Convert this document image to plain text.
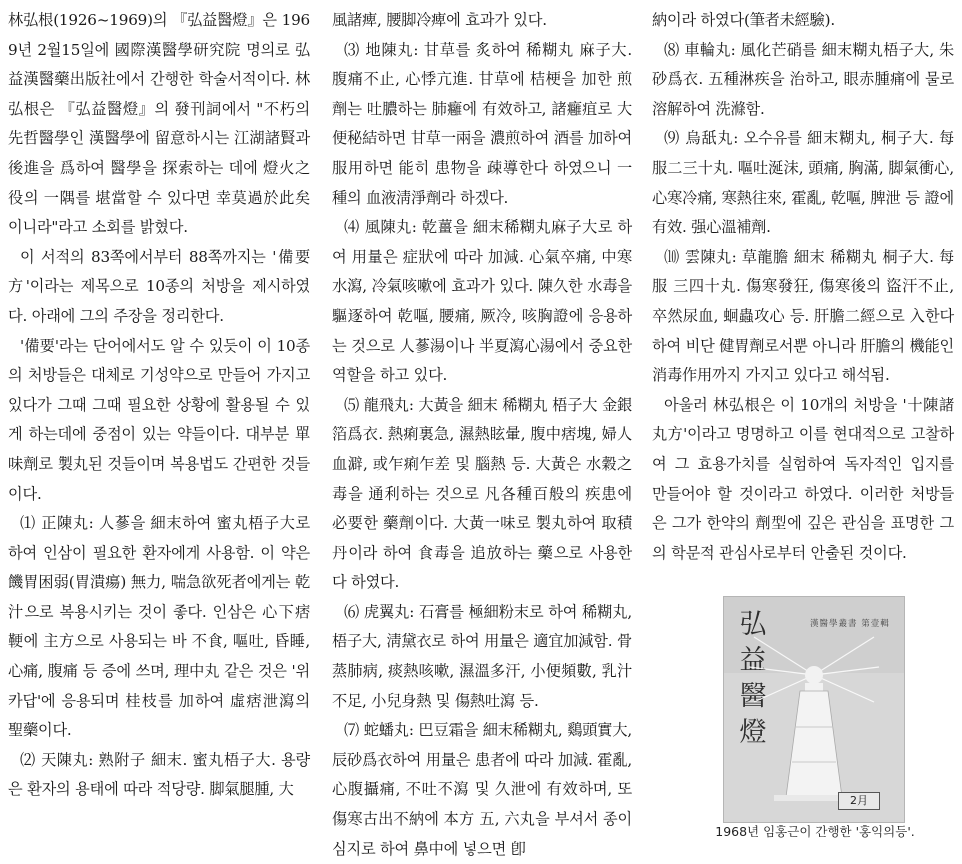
林弘根(1926~1969)의 『弘益醫燈』은 1969년 2월15일에 國際漢醫學研究院 명의로 弘益漢醫藥出版社에서 간행한 학술서적이다. 林弘根은 『弘益醫燈』의 發刊詞에서 "不朽의 先哲醫學인 漢醫學에 留意하시는 江湖諸賢과 後進을 爲하여 醫學을 探索하는 데에 燈火之役의 一隅를 堪當할 수 있다면 幸莫過於此矣이니라"라고 소회를 밝혔다.

이 서적의 83쪽에서부터 88쪽까지는 '備要方'이라는 제목으로 10종의 처방을 제시하였다. 아래에 그의 주장을 정리한다.

'備要'라는 단어에서도 알 수 있듯이 이 10종의 처방들은 대체로 기성약으로 만들어 가지고 있다가 그때 그때 필요한 상황에 활용될 수 있게 하는데에 중점이 있는 약들이다. 대부분 單味劑로 製丸된 것들이며 복용법도 간편한 것들이다.

⑴ 正陳丸: 人蔘을 細末하여 蜜丸梧子大로 하여 인삼이 필요한 환자에게 사용함. 이 약은 饑胃困弱(胃潰瘍) 無力, 喘急欲死者에게는 乾汁으로 복용시키는 것이 좋다. 인삼은 心下痞鞕에 主方으로 사용되는 바 不食, 嘔吐, 昏睡, 心痛, 腹痛 등 증에 쓰며, 理中丸 같은 것은 '위카답'에 응용되며 桂枝를 加하여 虛痞泄瀉의 聖藥이다.

⑵ 天陳丸: 熟附子 細末. 蜜丸梧子大. 용량은 환자의 용태에 따라 적당량. 脚氣腿腫, 大

風諸痺, 腰脚冷痺에 효과가 있다.

⑶ 地陳丸: 甘草를 炙하여 稀糊丸 麻子大. 腹痛不止, 心悸亢進. 甘草에 桔梗을 加한 煎劑는 吐膿하는 肺癰에 有效하고, 諸癰疽로 大便秘結하면 甘草一兩을 濃煎하여 酒를 加하여 服用하면 能히 患物을 疎導한다 하였으니 一種의 血液淸淨劑라 하겠다.

⑷ 風陳丸: 乾薑을 細末稀糊丸麻子大로 하여 用量은 症狀에 따라 加減. 心氣卒痛, 中寒水瀉, 冷氣咳嗽에 효과가 있다. 陳久한 水毒을 驅逐하여 乾嘔, 腰痛, 厥冷, 咳胸證에 응용하는 것으로 人蔘湯이나 半夏瀉心湯에서 중요한 역할을 하고 있다.

⑸ 龍飛丸: 大黃을 細末 稀糊丸 梧子大 金銀箔爲衣. 熱痢裏急, 濕熱眩暈, 腹中痞塊, 婦人血澼, 或乍痢乍差 및 腦熱 등. 大黃은 水穀之毒을 通利하는 것으로 凡各種百般의 疾患에 必要한 藥劑이다. 大黃一味로 製丸하여 取積丹이라 하여 食毒을 追放하는 藥으로 사용한다 하였다.

⑹ 虎翼丸: 石膏를 極細粉末로 하여 稀糊丸, 梧子大, 淸黛衣로 하여 用量은 適宜加減함. 骨蒸肺病, 痰熱咳嗽, 濕溫多汗, 小便頻數, 乳汁不足, 小兒身熱 및 傷熱吐瀉 등.

⑺ 蛇蟠丸: 巴豆霜을 細末稀糊丸, 鷄頭實大, 辰砂爲衣하여 用量은 患者에 따라 加減. 霍亂, 心腹攝痛, 不吐不瀉 및 久泄에 有效하며, 또 傷寒古出不納에 本方 五, 六丸을 부셔서 종이심지로 하여 鼻中에 넣으면 卽

納이라 하였다(筆者未經驗).

⑻ 車輪丸: 風化芒硝를 細末糊丸梧子大, 朱砂爲衣. 五種淋疾을 治하고, 眼赤腫痛에 물로 溶解하여 洗滌함.

⑼ 烏舐丸: 오수유를 細末糊丸, 桐子大. 每服二三十丸. 嘔吐涎沫, 頭痛, 胸滿, 脚氣衝心, 心寒冷痛, 寒熱往來, 霍亂, 乾嘔, 脾泄 등 證에 有效. 强心溫補劑.

⑽ 雲陳丸: 草龍膽 細末 稀糊丸 桐子大. 每服 三四十丸. 傷寒發狂, 傷寒後의 盜汗不止, 卒然尿血, 蛔蟲攻心 등. 肝膽二經으로 入한다 하여 비단 健胃劑로서뿐 아니라 肝膽의 機能인 消毒作用까지 가지고 있다고 해석됨.

아울러 林弘根은 이 10개의 처방을 '十陳諸丸方'이라고 명명하고 이를 현대적으로 고찰하여 그 효용가치를 실험하여 독자적인 입지를 만들어야 할 것이라고 하였다. 이러한 처방들은 그가 한약의 劑型에 깊은 관심을 표명한 그의 학문적 관심사로부터 안출된 것이다.

弘益醫燈
漢醫學叢書 第壹輯
2月
1968년 임홍근이 간행한 '홍익의등'.
